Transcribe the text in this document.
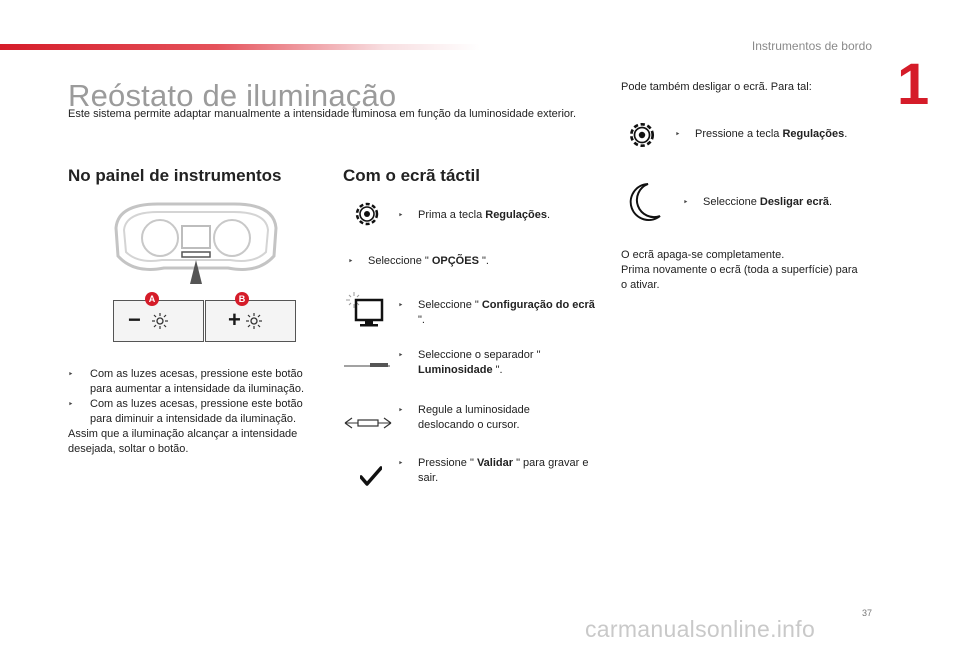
Instrumentos de bordo
1
Reóstato de iluminação
Este sistema permite adaptar manualmente a intensidade luminosa em função da luminosidade exterior.
No painel de instrumentos
−
A
+
B
‣ Com as luzes acesas, pressione este botão para aumentar a intensidade da iluminação.
‣ Com as luzes acesas, pressione este botão para diminuir a intensidade da iluminação.
Assim que a iluminação alcançar a intensidade desejada, soltar o botão.
Com o ecrã táctil
‣ Prima a tecla Regulações.
‣ Seleccione " OPÇÕES ".
‣ Seleccione " Configuração do ecrã ".
‣ Seleccione o separador " Luminosidade ".
‣ Regule a luminosidade deslocando o cursor.
‣ Pressione " Validar " para gravar e sair.
Pode também desligar o ecrã. Para tal:
‣ Pressione a tecla Regulações.
‣ Seleccione Desligar ecrã.
O ecrã apaga-se completamente.
Prima novamente o ecrã (toda a superfície) para o ativar.
37
carmanualsonline.info
